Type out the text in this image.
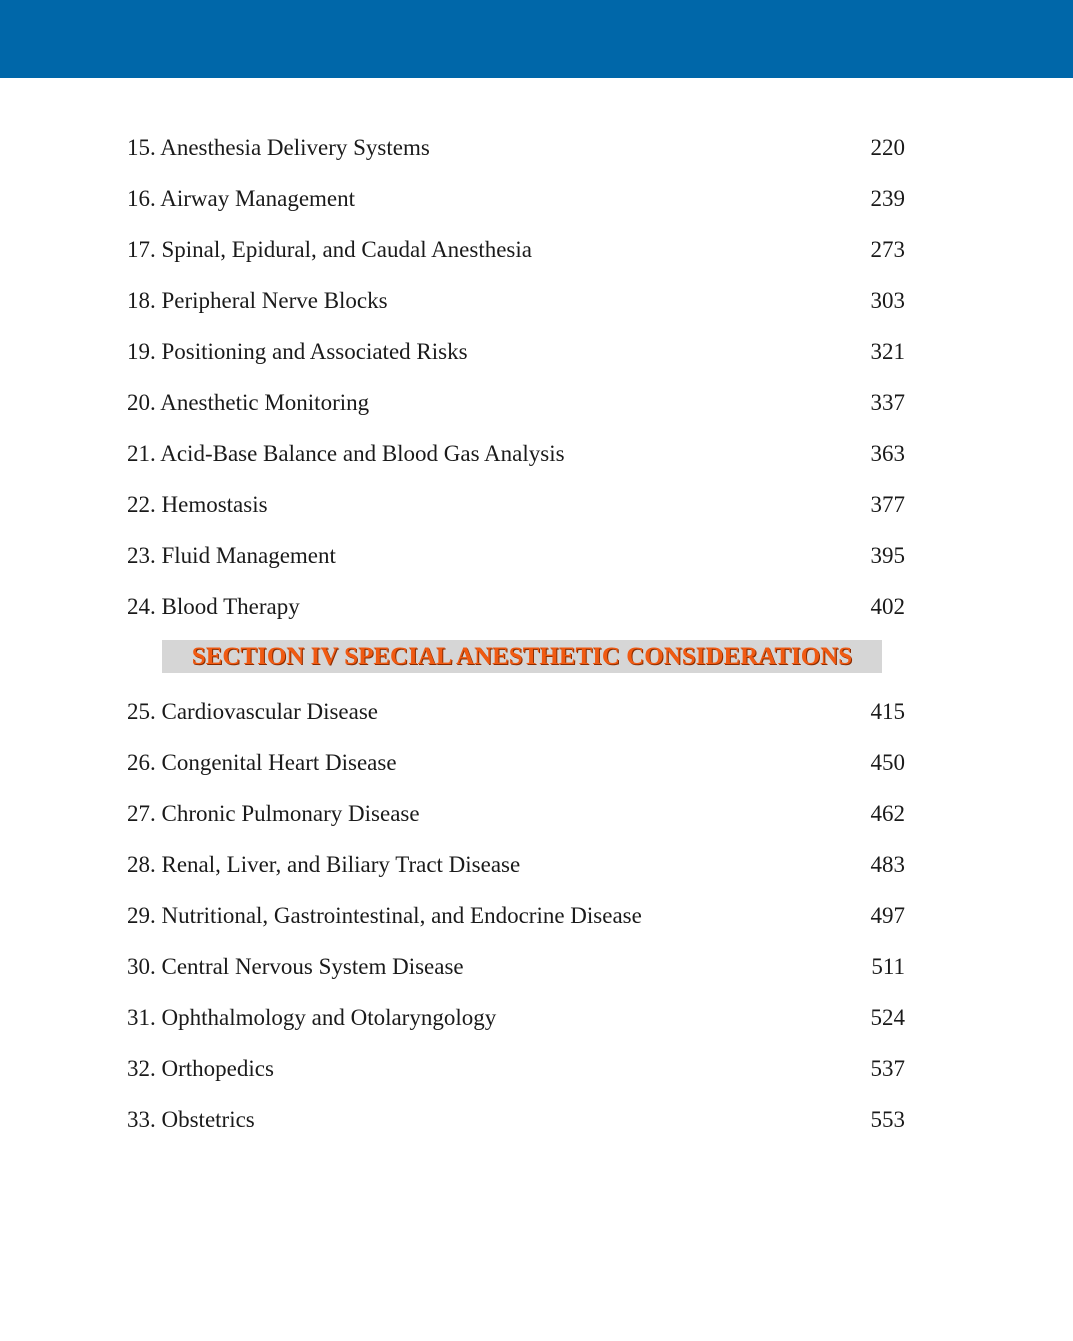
15. Anesthesia Delivery Systems	220
16. Airway Management	239
17. Spinal, Epidural, and Caudal Anesthesia	273
18. Peripheral Nerve Blocks	303
19. Positioning and Associated Risks	321
20. Anesthetic Monitoring	337
21. Acid-Base Balance and Blood Gas Analysis	363
22. Hemostasis	377
23. Fluid Management	395
24. Blood Therapy	402
SECTION IV SPECIAL ANESTHETIC CONSIDERATIONS
25. Cardiovascular Disease	415
26. Congenital Heart Disease	450
27. Chronic Pulmonary Disease	462
28. Renal, Liver, and Biliary Tract Disease	483
29. Nutritional, Gastrointestinal, and Endocrine Disease	497
30. Central Nervous System Disease	511
31. Ophthalmology and Otolaryngology	524
32. Orthopedics	537
33. Obstetrics	553
